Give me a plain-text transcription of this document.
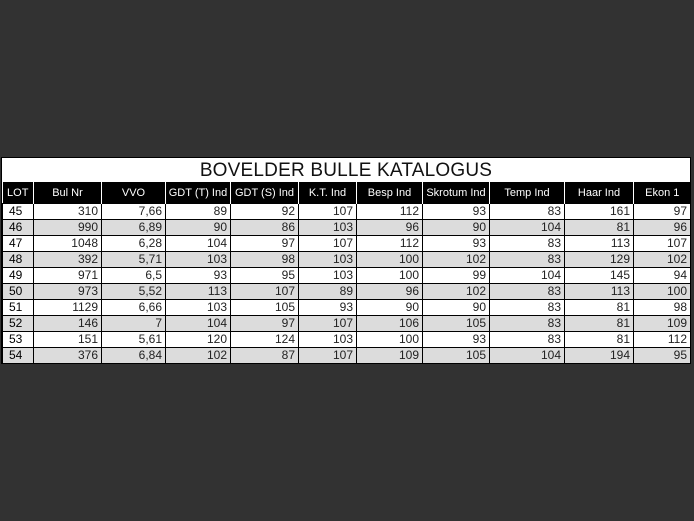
BOVELDER BULLE KATALOGUS
LOT	Bul Nr	VVO	GDT (T) Ind	GDT (S) Ind	K.T. Ind	Besp Ind	Skrotum Ind	Temp Ind	Haar Ind	Ekon 1
45	310	7,66	89	92	107	112	93	83	161	97
46	990	6,89	90	86	103	96	90	104	81	96
47	1048	6,28	104	97	107	112	93	83	113	107
48	392	5,71	103	98	103	100	102	83	129	102
49	971	6,5	93	95	103	100	99	104	145	94
50	973	5,52	113	107	89	96	102	83	113	100
51	1129	6,66	103	105	93	90	90	83	81	98
52	146	7	104	97	107	106	105	83	81	109
53	151	5,61	120	124	103	100	93	83	81	112
54	376	6,84	102	87	107	109	105	104	194	95
